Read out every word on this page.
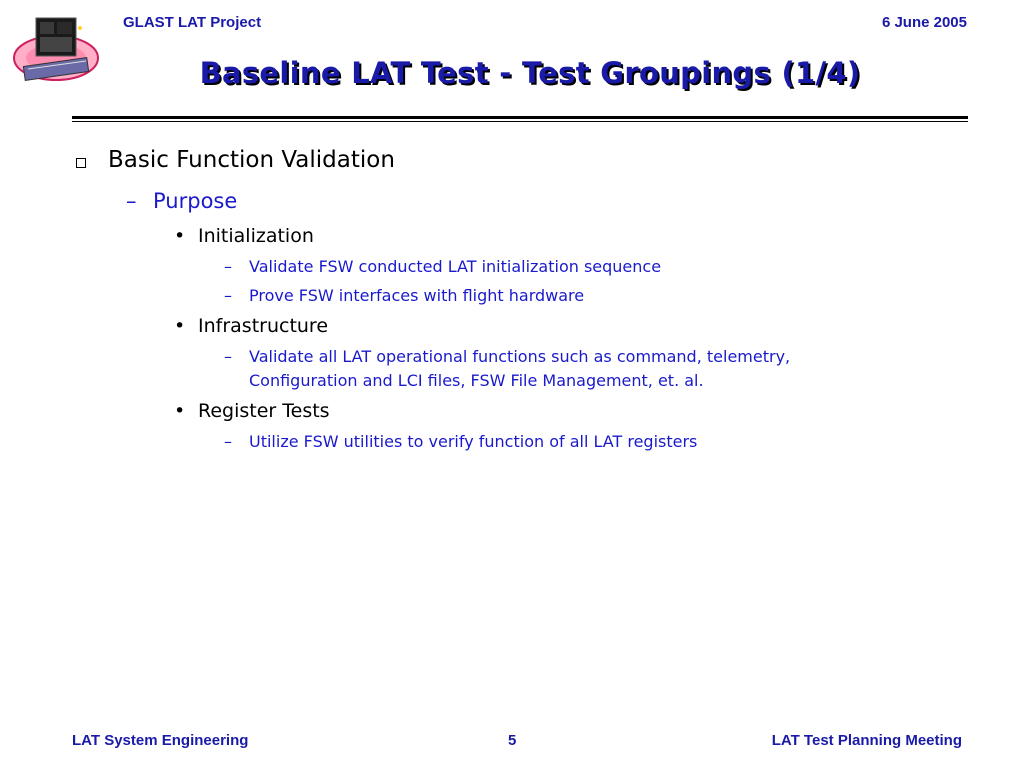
GLAST LAT Project	6 June 2005
Baseline LAT Test - Test Groupings (1/4)
Basic Function Validation
– Purpose
• Initialization
– Validate FSW conducted LAT initialization sequence
– Prove FSW interfaces with flight hardware
• Infrastructure
– Validate all LAT operational functions such as command, telemetry,
Configuration and LCI files, FSW File Management, et. al.
• Register Tests
– Utilize FSW utilities to verify function of all LAT registers
LAT System Engineering	5	LAT Test Planning Meeting
